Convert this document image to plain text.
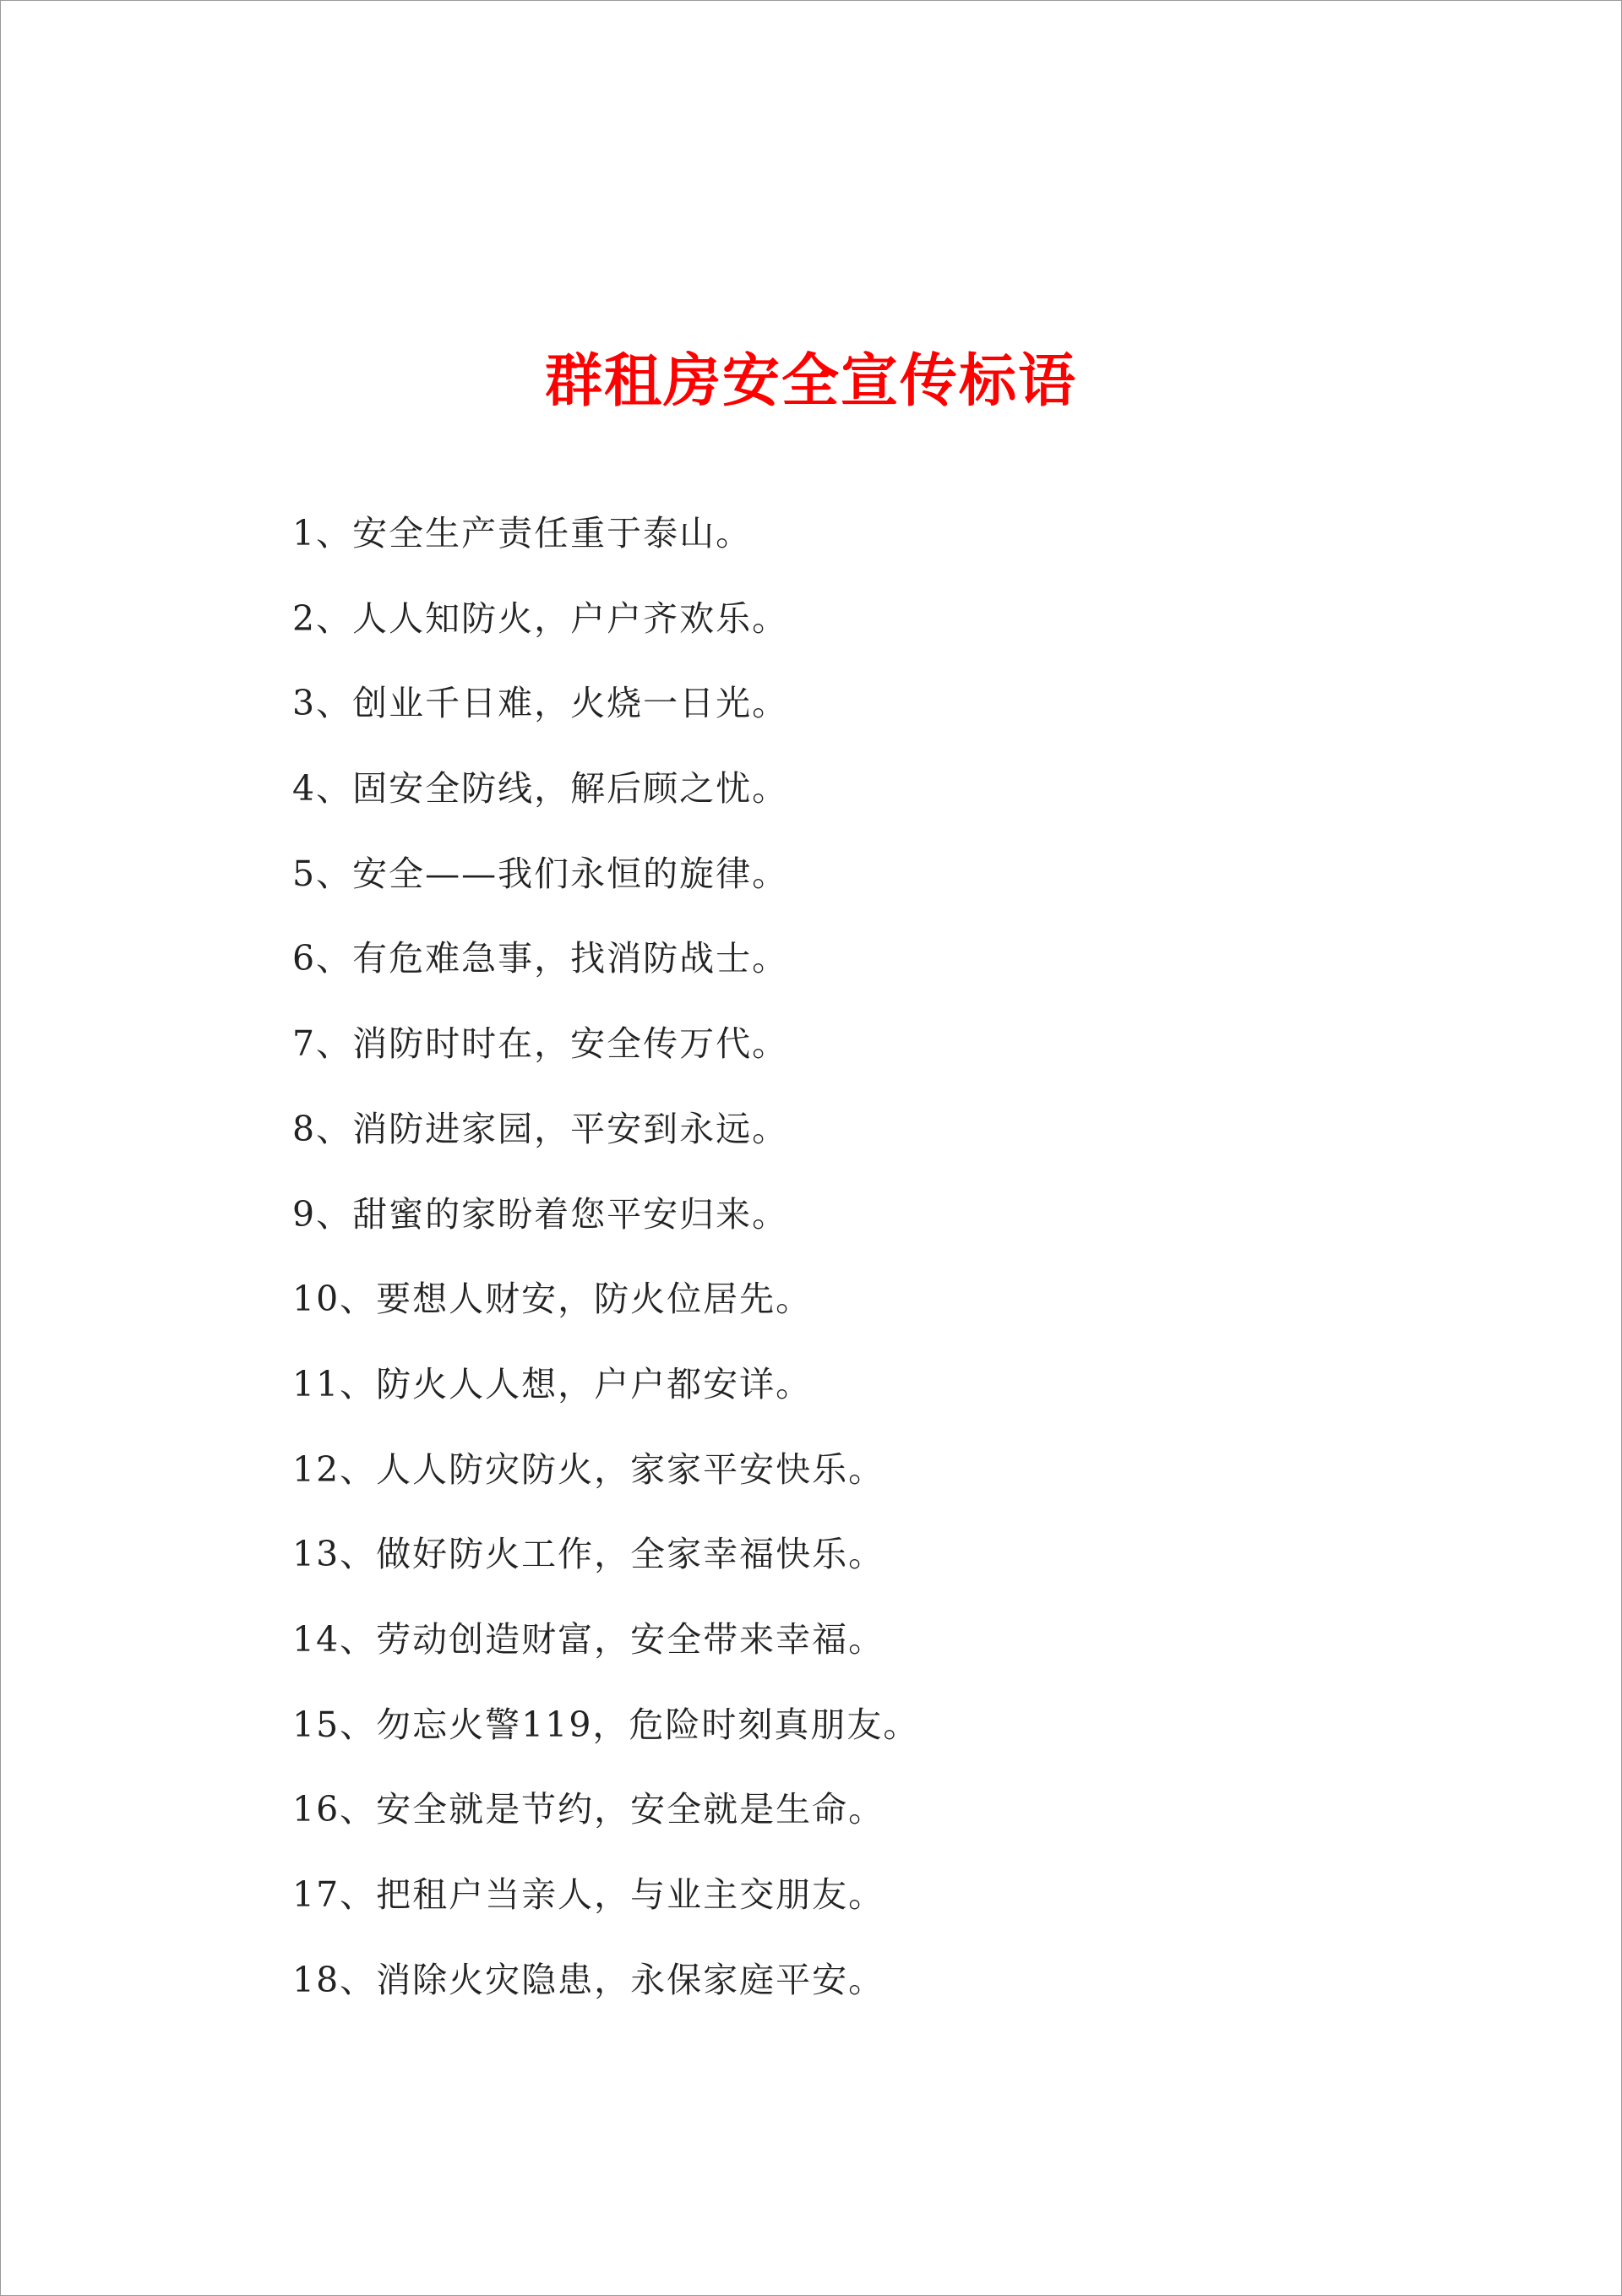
群租房安全宣传标语
1、安全生产责任重于泰山。
2、人人知防火，户户齐欢乐。
3、创业千日难，火烧一日光。
4、固安全防线，解后顾之忧。
5、安全——我们永恒的旋律。
6、有危难急事，找消防战士。
7、消防时时在，安全传万代。
8、消防进家园，平安到永远。
9、甜蜜的家盼着您平安归来。
10、要想人财安，防火位居先。
11、防火人人想，户户都安详。
12、人人防灾防火，家家平安快乐。
13、做好防火工作，全家幸福快乐。
14、劳动创造财富，安全带来幸福。
15、勿忘火警119，危险时刻真朋友。
16、安全就是节约，安全就是生命。
17、把租户当亲人，与业主交朋友。
18、消除火灾隐患，永保家庭平安。
